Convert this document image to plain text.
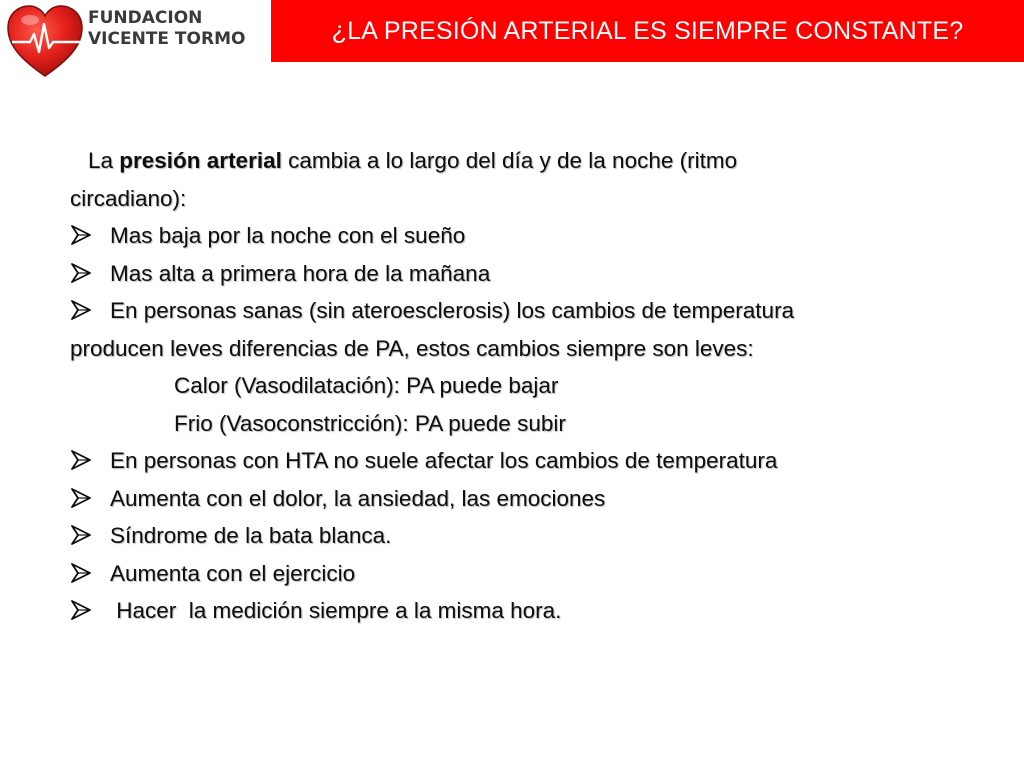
FUNDACION
VICENTE TORMO	¿LA PRESIÓN ARTERIAL ES SIEMPRE CONSTANTE?
La presión arterial cambia a lo largo del día y de la noche (ritmo
circadiano):
Mas baja por la noche con el sueño
Mas alta a primera hora de la mañana
En personas sanas (sin ateroesclerosis) los cambios de temperatura
producen leves diferencias de PA, estos cambios siempre son leves:
Calor (Vasodilatación): PA puede bajar
Frio (Vasoconstricción): PA puede subir
En personas con HTA no suele afectar los cambios de temperatura
Aumenta con el dolor, la ansiedad, las emociones
Síndrome de la bata blanca.
Aumenta con el ejercicio
Hacer  la medición siempre a la misma hora.
